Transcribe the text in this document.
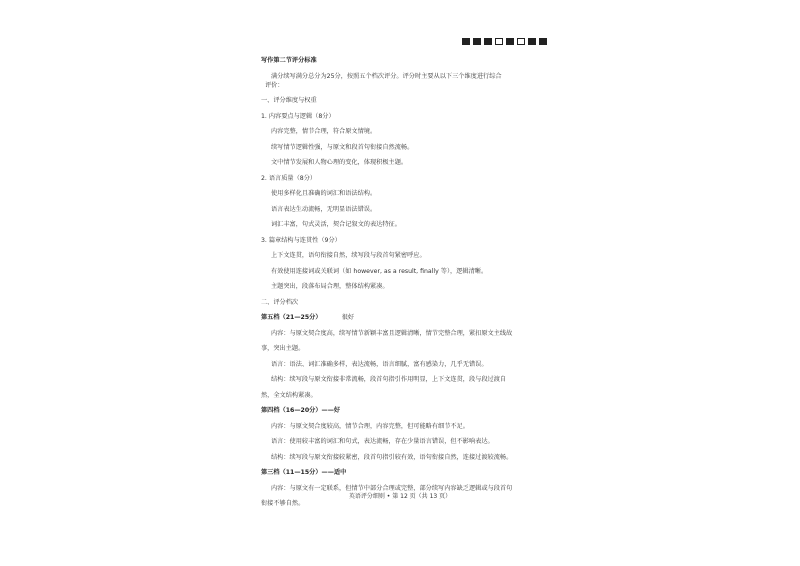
写作第二节评分标准
满分续写满分总分为25分，按照五个档次评分。评分时主要从以下三个维度进行综合
评价：
一、评分维度与权重
1. 内容要点与逻辑（8分）
内容完整，情节合理，符合原文情境。
续写情节逻辑性强，与原文和段首句衔接自然流畅。
文中情节发展和人物心理的变化，体现积极主题。
2. 语言质量（8分）
使用多样化且准确的词汇和语法结构。
语言表达生动流畅，无明显语法错误。
词汇丰富，句式灵活，契合记叙文的表达特征。
3. 篇章结构与连贯性（9分）
上下文连贯，语句衔接自然，续写段与段首句紧密呼应。
有效使用连接词或关联词（如 however, as a result, finally 等），逻辑清晰。
主题突出，段落布局合理，整体结构紧凑。
二、评分档次
第五档（21—25分）	很好
内容：与原文契合度高，续写情节新颖丰富且逻辑清晰，情节完整合理，紧扣原文主线故
事，突出主题。
语言：语法、词汇准确多样，表达流畅，语言细腻，富有感染力，几乎无错误。
结构：续写段与原文衔接非常流畅，段首句指引作用明显，上下文连贯，段与段过渡自
然，全文结构紧凑。
第四档（16—20分）——好
内容：与原文契合度较高，情节合理，内容完整，但可能略有细节不足。
语言：使用较丰富的词汇和句式，表达流畅，存在少量语言错误，但不影响表达。
结构：续写段与原文衔接较紧密，段首句指引较有效，语句衔接自然，连接过渡较流畅。
第三档（11—15分）——适中
内容：与原文有一定联系，但情节中部分合理或完整，部分续写内容缺乏逻辑或与段首句
衔接不够自然。
英语评分细则 • 第 12 页（共 13 页）
